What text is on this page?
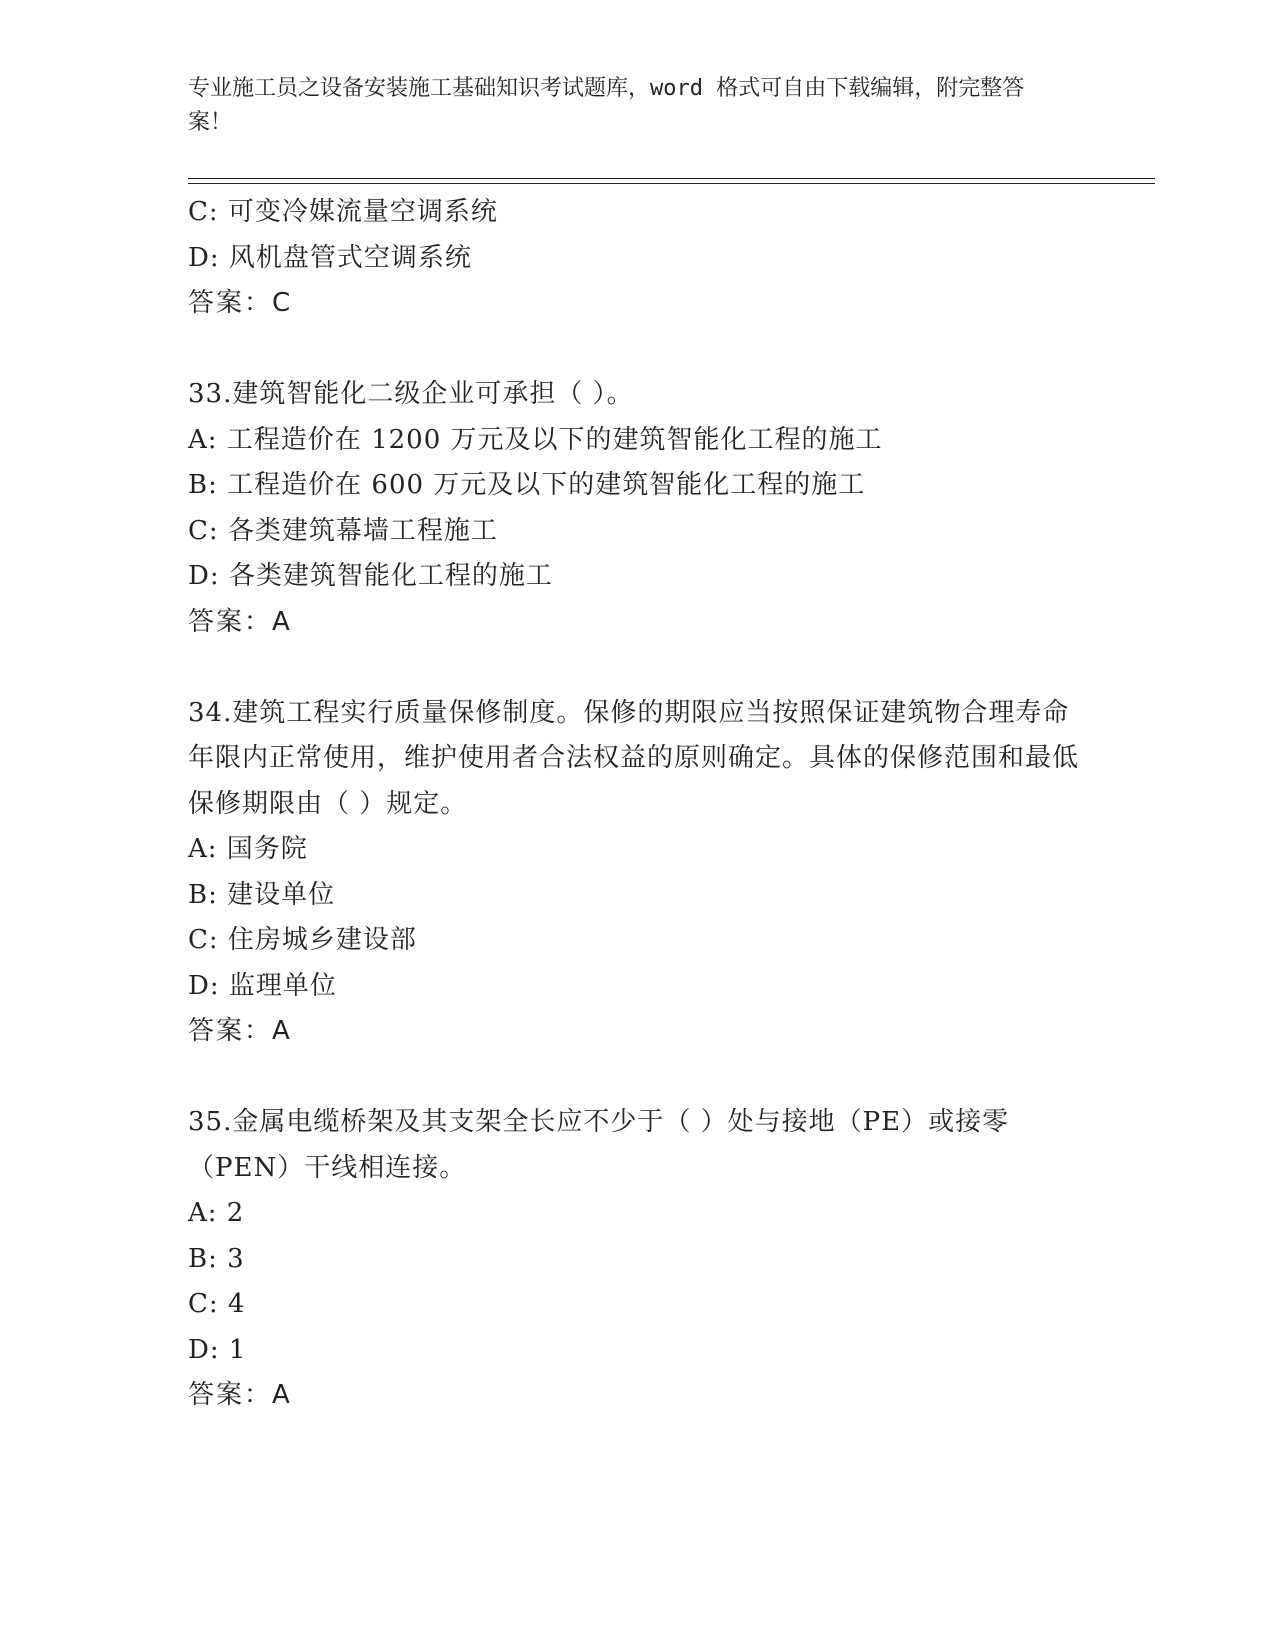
专业施工员之设备安装施工基础知识考试题库，word 格式可自由下载编辑，附完整答案！
C: 可变冷媒流量空调系统
D: 风机盘管式空调系统
答案：C
33.建筑智能化二级企业可承担（ ）。
A: 工程造价在 1200 万元及以下的建筑智能化工程的施工
B: 工程造价在 600 万元及以下的建筑智能化工程的施工
C: 各类建筑幕墙工程施工
D: 各类建筑智能化工程的施工
答案：A
34.建筑工程实行质量保修制度。保修的期限应当按照保证建筑物合理寿命年限内正常使用，维护使用者合法权益的原则确定。具体的保修范围和最低保修期限由（ ）规定。
A: 国务院
B: 建设单位
C: 住房城乡建设部
D: 监理单位
答案：A
35.金属电缆桥架及其支架全长应不少于（ ）处与接地（PE）或接零（PEN）干线相连接。
A: 2
B: 3
C: 4
D: 1
答案：A
